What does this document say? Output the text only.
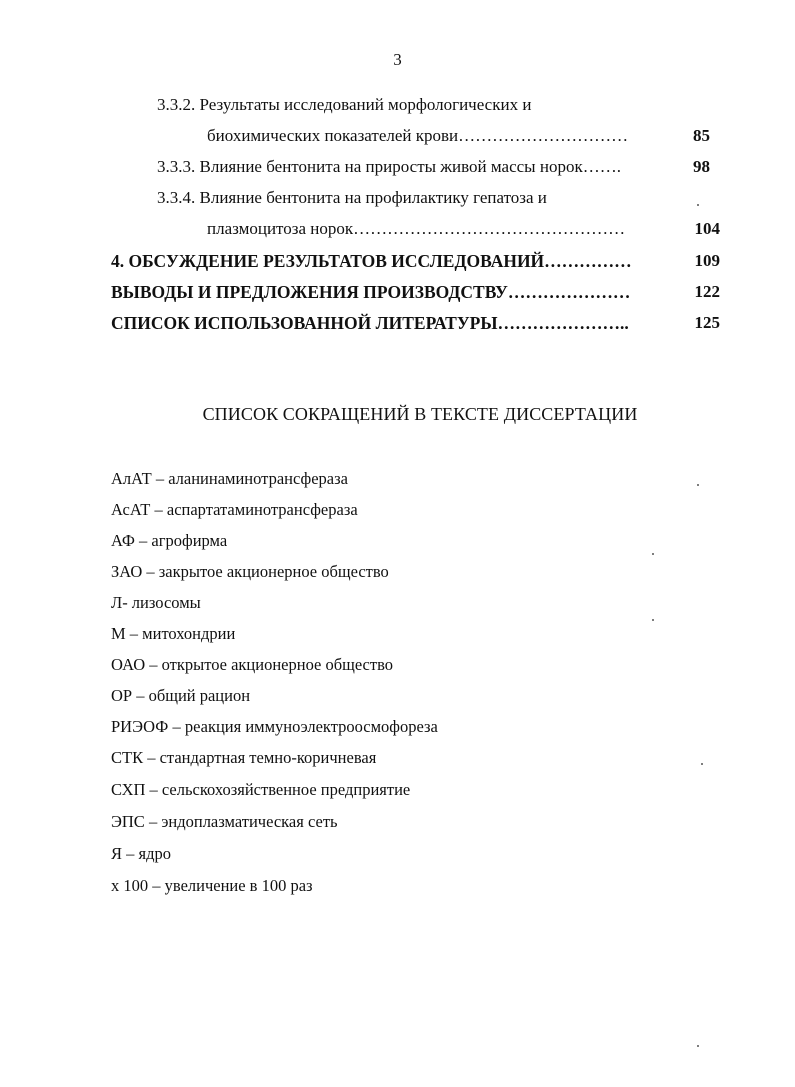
3
3.3.2. Результаты исследований морфологических и
биохимических показателей крови…………………………	85
3.3.3. Влияние бентонита на приросты живой массы норок…….	98
3.3.4. Влияние бентонита на профилактику гепатоза и
плазмоцитоза норок…………………………………………	104
4. ОБСУЖДЕНИЕ РЕЗУЛЬТАТОВ ИССЛЕДОВАНИЙ……………	109
ВЫВОДЫ И ПРЕДЛОЖЕНИЯ ПРОИЗВОДСТВУ…………………	122
СПИСОК ИСПОЛЬЗОВАННОЙ ЛИТЕРАТУРЫ…………………..	125
СПИСОК СОКРАЩЕНИЙ В ТЕКСТЕ ДИССЕРТАЦИИ
АлАТ – аланинаминотрансфераза
АсАТ – аспартатаминотрансфераза
АФ – агрофирма
ЗАО – закрытое акционерное общество
Л- лизосомы
М – митохондрии
ОАО – открытое акционерное общество
ОР – общий рацион
РИЭОФ – реакция иммуноэлектроосмофореза
СТК – стандартная темно-коричневая
СХП – сельскохозяйственное предприятие
ЭПС – эндоплазматическая сеть
Я – ядро
х 100 – увеличение в 100 раз
